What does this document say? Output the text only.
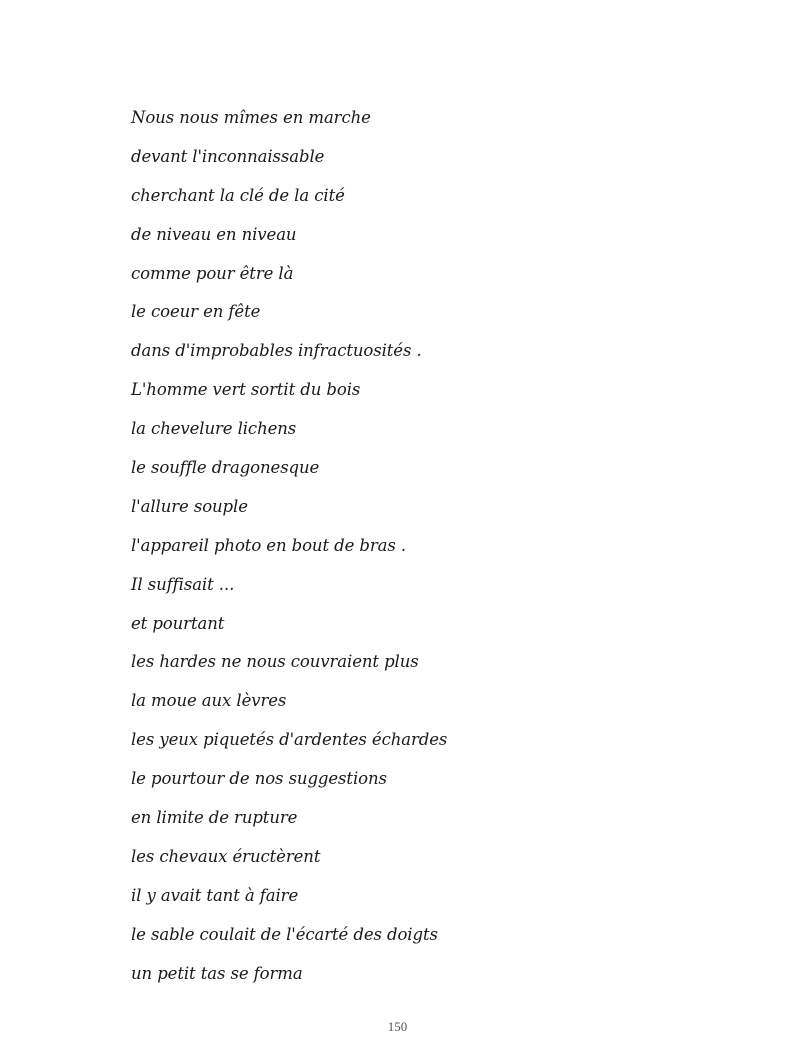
Nous nous mîmes en marche
devant l'inconnaissable
cherchant la clé de la cité
de niveau en niveau
comme pour être là
le coeur en fête
dans d'improbables infractuosités .
L'homme vert sortit du bois
la chevelure lichens
le souffle dragonesque
l'allure souple
l'appareil photo en bout de bras .
Il suffisait ...
et pourtant
les hardes ne nous couvraient plus
la moue aux lèvres
les yeux piquetés d'ardentes échardes
le pourtour de nos suggestions
en limite de rupture
les chevaux éructèrent
il y avait tant à faire
le sable coulait de l'écarté des doigts
un petit tas se forma
150
